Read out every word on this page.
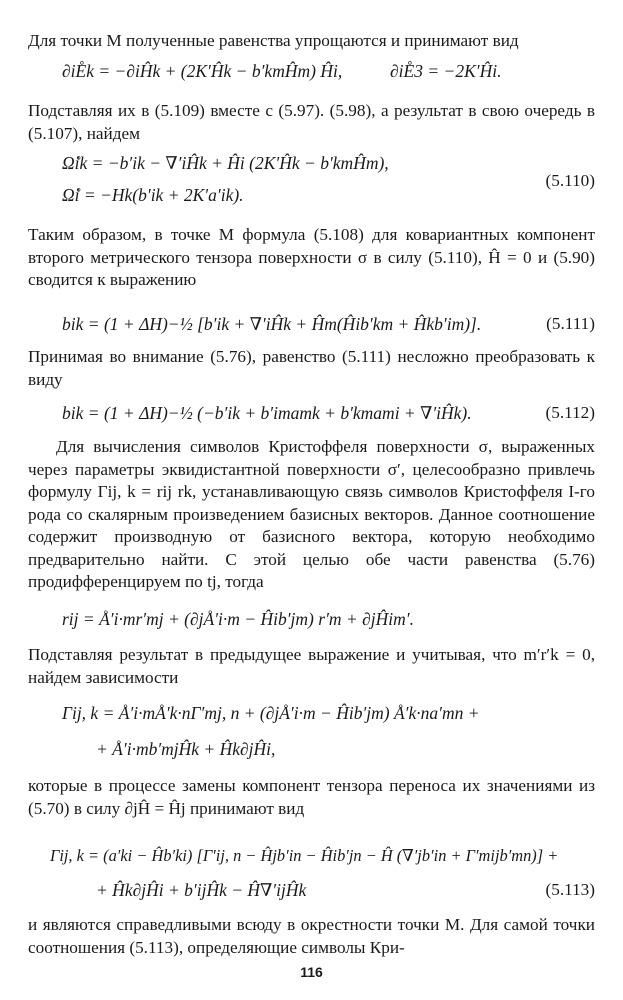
Для точки M полученные равенства упрощаются и принимают вид
∂iE̊k = −∂iĤk + (2K′Ĥk − b′kmĤm) Ĥi,	∂iE̊3 = −2K′Ĥi.
Подставляя их в (5.109) вместе с (5.97). (5.98), а результат в свою очередь в (5.107), найдем
Ω̊ik = −b′ik − ∇′iĤk + Ĥi (2K′Ĥk − b′kmĤm),
Ω̊i = −Hk(b′ik + 2K′a′ik).
(5.110)
Таким образом, в точке M формула (5.108) для ковариантных компонент второго метрического тензора поверхности σ в силу (5.110), Ĥ = 0 и (5.90) сводится к выражению
bik = (1 + ΔH)−½ [b′ik + ∇′iĤk + Ĥm(Ĥib′km + Ĥkb′im)].	(5.111)
Принимая во внимание (5.76), равенство (5.111) несложно преобразовать к виду
bik = (1 + ΔH)−½ (−b′ik + b′imamk + b′kmami + ∇′iĤk).	(5.112)
Для вычисления символов Кристоффеля поверхности σ, выраженных через параметры эквидистантной поверхности σ′, целесообразно привлечь формулу Γij, k = rij rk, устанавливающую связь символов Кристоффеля I-го рода со скалярным произведением базисных векторов. Данное соотношение содержит производную от базисного вектора, которую необходимо предварительно найти. С этой целью обе части равенства (5.76) продифференцируем по tj, тогда
rij = Å′i·mr′mj + (∂jÅ′i·m − Ĥib′jm) r′m + ∂jĤim′.
Подставляя результат в предыдущее выражение и учитывая, что m′r′k = 0, найдем зависимости
Γij, k = Å′i·mÅ′k·nΓ′mj, n + (∂jÅ′i·m − Ĥib′jm) Å′k·na′mn +
+ Å′i·mb′mjĤk + Ĥk∂jĤi,
которые в процессе замены компонент тензора переноса их значениями из (5.70) в силу ∂jĤ = Ĥj принимают вид
Γij, k = (a′ki − Ĥb′ki) [Γ′ij, n − Ĥjb′in − Ĥib′jn − Ĥ (∇′jb′in + Γ′mijb′mn)] +
+ Ĥk∂jĤi + b′ijĤk − Ĥ∇′ijĤk	(5.113)
и являются справедливыми всюду в окрестности точки M. Для самой точки соотношения (5.113), определяющие символы Кри-
116
